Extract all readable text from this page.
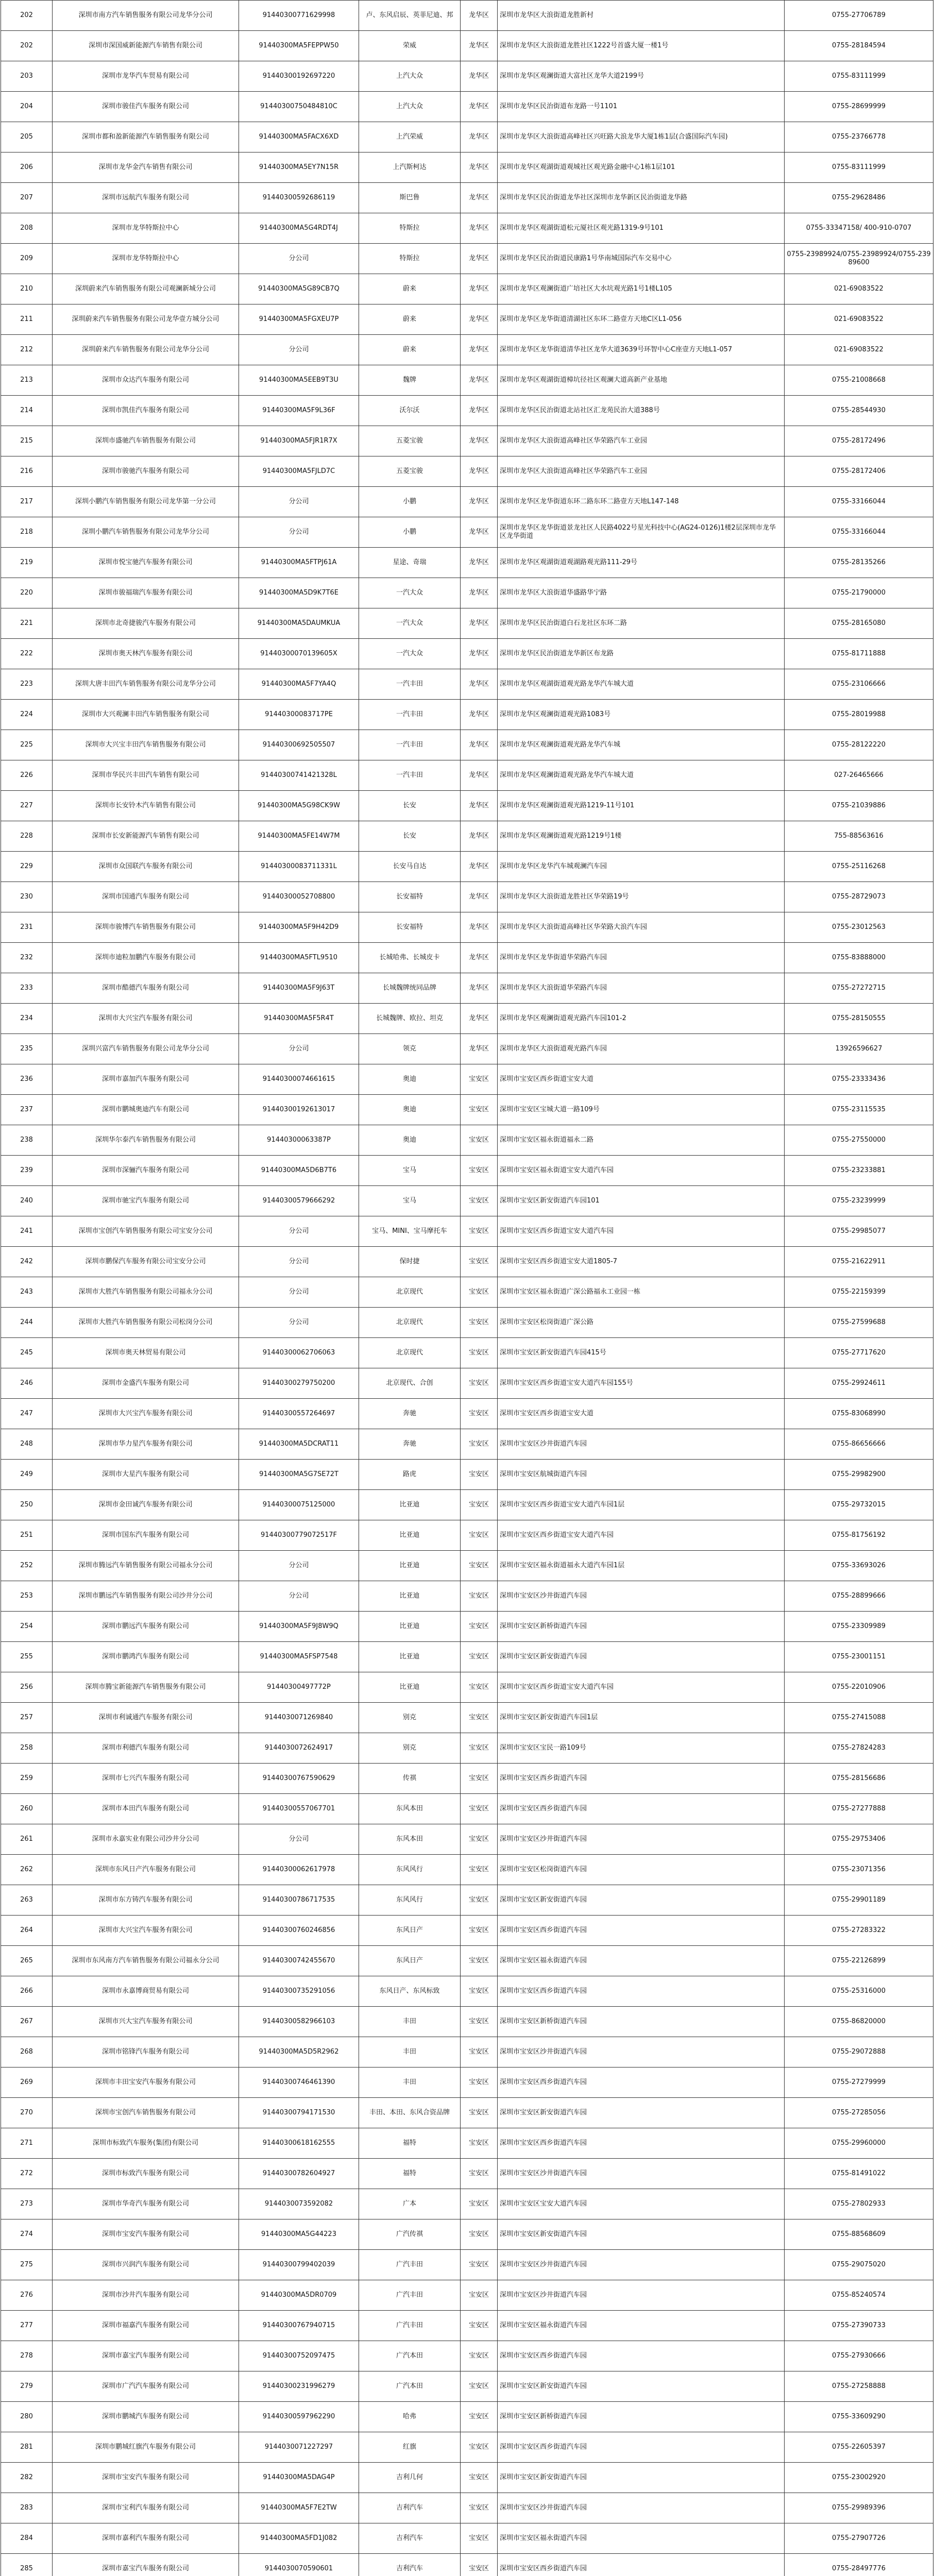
202	深圳市南方汽车销售服务有限公司龙华分公司	91440300771629998	卢、东风启辰、英菲尼迪、邦	龙华区	深圳市龙华区大浪街道龙胜新村	0755-27706789
202	深圳市深国威新能源汽车销售有限公司	91440300MA5FEPPW50	荣威	龙华区	深圳市龙华区大浪街道龙胜社区1222号首盛大厦一楼1号	0755-28184594
203	深圳市龙华汽车贸易有限公司	91440300192697220	上汽大众	龙华区	深圳市龙华区观澜街道大富社区龙华大道2199号	0755-83111999
204	深圳市骏佳汽车服务有限公司	91440300750484810C	上汽大众	龙华区	深圳市龙华区民治街道布龙路一号1101	0755-28699999
205	深圳市都和盈新能源汽车销售服务有限公司	91440300MA5FACX6XD	上汽荣威	龙华区	深圳市龙华区大浪街道高峰社区兴旺路大浪龙华大厦1栋1层(合盛国际汽车园)	0755-23766778
206	深圳市龙华金汽车销售有限公司	91440300MA5EY7N15R	上汽斯柯达	龙华区	深圳市龙华区观湖街道观城社区观光路金融中心1栋1层101	0755-83111999
207	深圳市远航汽车服务有限公司	91440300592686119	斯巴鲁	龙华区	深圳市龙华区民治街道龙华社区深圳市龙华新区民治街道龙华路	0755-29628486
208	深圳市龙华特斯拉中心	91440300MA5G4RDT4J	特斯拉	龙华区	深圳市龙华区观湖街道松元厦社区观光路1319-9号101	0755-33347158/ 400-910-0707
209	深圳市龙华特斯拉中心	分公司	特斯拉	龙华区	深圳市龙华区民治街道民康路1号华南城国际汽车交易中心	0755-23989924/0755-23989924/0755-23989600
210	深圳蔚来汽车销售服务有限公司观澜新城分公司	91440300MA5G89CB7Q	蔚来	龙华区	深圳市龙华区观澜街道广培社区大水坑观光路1号1楼L105	021-69083522
211	深圳蔚来汽车销售服务有限公司龙华壹方城分公司	91440300MA5FGXEU7P	蔚来	龙华区	深圳市龙华区龙华街道清湖社区东环二路壹方天地C区L1-056	021-69083522
212	深圳蔚来汽车销售服务有限公司龙华分公司	分公司	蔚来	龙华区	深圳市龙华区龙华街道清华社区龙华大道3639号环智中心C座壹方天地L1-057	021-69083522
213	深圳市众达汽车服务有限公司	91440300MA5EEB9T3U	魏牌	龙华区	深圳市龙华区观湖街道樟坑径社区观澜大道高新产业基地	0755-21008668
214	深圳市凯佳汽车服务有限公司	91440300MA5F9L36F	沃尔沃	龙华区	深圳市龙华区民治街道北站社区汇龙苑民治大道388号	0755-28544930
215	深圳市盛驰汽车销售服务有限公司	91440300MA5FJR1R7X	五菱宝骏	龙华区	深圳市龙华区大浪街道高峰社区华荣路汽车工业园	0755-28172496
216	深圳市骏驰汽车服务有限公司	91440300MA5FJLD7C	五菱宝骏	龙华区	深圳市龙华区大浪街道高峰社区华荣路汽车工业园	0755-28172406
217	深圳小鹏汽车销售服务有限公司龙华第一分公司	分公司	小鹏	龙华区	深圳市龙华区龙华街道东环二路东环二路壹方天地L147-148	0755-33166044
218	深圳小鹏汽车销售服务有限公司龙华分公司	分公司	小鹏	龙华区	深圳市龙华区龙华街道景龙社区人民路4022号星光科技中心(AG24-0126)1楼2层深圳市龙华区龙华街道	0755-33166044
219	深圳市悦宝驰汽车服务有限公司	91440300MA5FTPJ61A	星途、奇瑞	龙华区	深圳市龙华区观湖街道观湖路观光路111-29号	0755-28135266
220	深圳市骏福瑞汽车服务有限公司	91440300MA5D9K7T6E	一汽大众	龙华区	深圳市龙华区大浪街道华盛路华宁路	0755-21790000
221	深圳市北奇捷骏汽车服务有限公司	91440300MA5DAUMKUA	一汽大众	龙华区	深圳市龙华区民治街道白石龙社区东环二路	0755-28165080
222	深圳市奥天林汽车服务有限公司	91440300070139605X	一汽大众	龙华区	深圳市龙华区民治街道龙华新区布龙路	0755-81711888
223	深圳大唐丰田汽车销售服务有限公司龙华分公司	91440300MA5F7YA4Q	一汽丰田	龙华区	深圳市龙华区观湖街道观光路龙华汽车城大道	0755-23106666
224	深圳市大兴观澜丰田汽车销售服务有限公司	91440300083717PE	一汽丰田	龙华区	深圳市龙华区观澜街道观光路1083号	0755-28019988
225	深圳市大兴宝丰田汽车销售服务有限公司	91440300692505507	一汽丰田	龙华区	深圳市龙华区观澜街道观光路龙华汽车城	0755-28122220
226	深圳市华民兴丰田汽车销售有限公司	91440300741421328L	一汽丰田	龙华区	深圳市龙华区观澜街道观光路龙华汽车城大道	027-26465666
227	深圳市长安铃木汽车销售有限公司	91440300MA5G98CK9W	长安	龙华区	深圳市龙华区观澜街道观光路1219-11号101	0755-21039886
228	深圳市长安新能源汽车销售有限公司	91440300MA5FE14W7M	长安	龙华区	深圳市龙华区观澜街道观光路1219号1楼	755-88563616
229	深圳市众国联汽车服务有限公司	91440300083711331L	长安马自达	龙华区	深圳市龙华区龙华汽车城观澜汽车园	0755-25116268
230	深圳市国通汽车服务有限公司	91440300052708800	长安福特	龙华区	深圳市龙华区大浪街道龙胜社区华荣路19号	0755-28729073
231	深圳市骏博汽车销售服务有限公司	91440300MA5F9H42D9	长安福特	龙华区	深圳市龙华区大浪街道高峰社区华荣路大浪汽车园	0755-23012563
232	深圳市迪粒加鹏汽车服务有限公司	91440300MA5FTL9510	长城哈弗、长城皮卡	龙华区	深圳市龙华区龙华街道华荣路汽车园	0755-83888000
233	深圳市酷德汽车服务有限公司	91440300MA5F9J63T	长城魏牌统同品牌	龙华区	深圳市龙华区大浪街道华荣路汽车园	0755-27272715
234	深圳市大兴宝汽车服务有限公司	91440300MA5F5R4T	长城魏牌、欧拉、坦克	龙华区	深圳市龙华区观澜街道观光路汽车园101-2	0755-28150555
235	深圳兴富汽车销售服务有限公司龙华分公司	分公司	领克	龙华区	深圳市龙华区大浪街道观光路汽车园	13926596627
236	深圳市嘉加汽车服务有限公司	91440300074661615	奥迪	宝安区	深圳市宝安区西乡街道宝安大道	0755-23333436
237	深圳市鹏城奥迪汽车有限公司	91440300192613017	奥迪	宝安区	深圳市宝安区宝城大道一路109号	0755-23115535
238	深圳华尔泰汽车销售服务有限公司	91440300063387P	奥迪	宝安区	深圳市宝安区福永街道福永二路	0755-27550000
239	深圳市深骊汽车服务有限公司	91440300MA5D6B7T6	宝马	宝安区	深圳市宝安区福永街道宝安大道汽车园	0755-23233881
240	深圳市驰宝汽车服务有限公司	91440300579666292	宝马	宝安区	深圳市宝安区新安街道汽车园101	0755-23239999
241	深圳市宝创汽车销售服务有限公司宝安分公司	分公司	宝马、MINI、宝马摩托车	宝安区	深圳市宝安区西乡街道宝安大道汽车园	0755-29985077
242	深圳市鹏保汽车服务有限公司宝安分公司	分公司	保时捷	宝安区	深圳市宝安区西乡街道宝安大道1805-7	0755-21622911
243	深圳市大胜汽车销售服务有限公司福永分公司	分公司	北京现代	宝安区	深圳市宝安区福永街道广深公路福永工业园一栋	0755-22159399
244	深圳市大胜汽车销售服务有限公司松岗分公司	分公司	北京现代	宝安区	深圳市宝安区松岗街道广深公路	0755-27599688
245	深圳市奥天林贸易有限公司	91440300062706063	北京现代	宝安区	深圳市宝安区新安街道汽车园415号	0755-27717620
246	深圳市金盛汽车服务有限公司	91440300279750200	北京现代、合创	宝安区	深圳市宝安区西乡街道宝安大道汽车园155号	0755-29924611
247	深圳市大兴宝汽车服务有限公司	91440300557264697	奔驰	宝安区	深圳市宝安区西乡街道宝安大道	0755-83068990
248	深圳市华力星汽车服务有限公司	91440300MA5DCRAT11	奔驰	宝安区	深圳市宝安区沙井街道汽车园	0755-86656666
249	深圳市大星汽车服务有限公司	91440300MA5G7SE72T	路虎	宝安区	深圳市宝安区航城街道汽车园	0755-29982900
250	深圳市金田诚汽车服务有限公司	91440300075125000	比亚迪	宝安区	深圳市宝安区西乡街道宝安大道汽车园1层	0755-29732015
251	深圳市国东汽车服务有限公司	91440300779072517F	比亚迪	宝安区	深圳市宝安区西乡街道宝安大道汽车园	0755-81756192
252	深圳市腾远汽车销售服务有限公司福永分公司	分公司	比亚迪	宝安区	深圳市宝安区福永街道福永大道汽车园1层	0755-33693026
253	深圳市鹏远汽车销售服务有限公司沙井分公司	分公司	比亚迪	宝安区	深圳市宝安区沙井街道汽车园	0755-28899666
254	深圳市鹏远汽车服务有限公司	91440300MA5F9J8W9Q	比亚迪	宝安区	深圳市宝安区新桥街道汽车园	0755-23309989
255	深圳市鹏鸿汽车服务有限公司	91440300MA5FSP7548	比亚迪	宝安区	深圳市宝安区新安街道汽车园	0755-23001151
256	深圳市腾宝新能源汽车销售服务有限公司	91440300497772P	比亚迪	宝安区	深圳市宝安区西乡街道宝安大道汽车园	0755-22010906
257	深圳市利诚通汽车服务有限公司	9144030071269840	别克	宝安区	深圳市宝安区新安街道汽车园1层	0755-27415088
258	深圳市利德汽车服务有限公司	9144030072624917	别克	宝安区	深圳市宝安区宝民一路109号	0755-27824283
259	深圳市七兴汽车服务有限公司	91440300767590629	传祺	宝安区	深圳市宝安区西乡街道汽车园	0755-28156686
260	深圳市本田汽车服务有限公司	91440300557067701	东风本田	宝安区	深圳市宝安区西乡街道汽车园	0755-27277888
261	深圳市永嘉实业有限公司沙井分公司	分公司	东风本田	宝安区	深圳市宝安区沙井街道汽车园	0755-29753406
262	深圳市东风日产汽车服务有限公司	91440300062617978	东风风行	宝安区	深圳市宝安区松岗街道汽车园	0755-23071356
263	深圳市东方铸汽车服务有限公司	91440300786717535	东风风行	宝安区	深圳市宝安区新安街道汽车园	0755-29901189
264	深圳市大兴宝汽车服务有限公司	91440300760246856	东风日产	宝安区	深圳市宝安区西乡街道汽车园	0755-27283322
265	深圳市东风南方汽车销售服务有限公司福永分公司	91440300742455670	东风日产	宝安区	深圳市宝安区福永街道汽车园	0755-22126899
266	深圳市永嘉博商贸易有限公司	91440300735291056	东风日产、东风标致	宝安区	深圳市宝安区西乡街道汽车园	0755-25316000
267	深圳市兴大宝汽车服务有限公司	91440300582966103	丰田	宝安区	深圳市宝安区新桥街道汽车园	0755-86820000
268	深圳市铭锋汽车服务有限公司	91440300MA5D5R2962	丰田	宝安区	深圳市宝安区沙井街道汽车园	0755-29072888
269	深圳市丰田宝安汽车服务有限公司	91440300746461390	丰田	宝安区	深圳市宝安区西乡街道汽车园	0755-27279999
270	深圳市宝创汽车销售服务有限公司	91440300794171530	丰田、本田、东风合资品牌	宝安区	深圳市宝安区新安街道汽车园	0755-27285056
271	深圳市标致汽车服务(集团)有限公司	91440300618162555	福特	宝安区	深圳市宝安区西乡街道汽车园	0755-29960000
272	深圳市标致汽车服务有限公司	91440300782604927	福特	宝安区	深圳市宝安区沙井街道汽车园	0755-81491022
273	深圳市华奇汽车服务有限公司	9144030073592082	广本	宝安区	深圳市宝安区宝安大道汽车园	0755-27802933
274	深圳市宝安汽车服务有限公司	91440300MA5G44223	广汽传祺	宝安区	深圳市宝安区新安街道汽车园	0755-88568609
275	深圳市兴润汽车服务有限公司	91440300799402039	广汽丰田	宝安区	深圳市宝安区沙井街道汽车园	0755-29075020
276	深圳市沙井汽车服务有限公司	91440300MA5DR0709	广汽丰田	宝安区	深圳市宝安区沙井街道汽车园	0755-85240574
277	深圳市福嘉汽车服务有限公司	91440300767940715	广汽丰田	宝安区	深圳市宝安区福永街道汽车园	0755-27390733
278	深圳市嘉宝汽车服务有限公司	91440300752097475	广汽本田	宝安区	深圳市宝安区西乡街道汽车园	0755-27930666
279	深圳市广汽汽车服务有限公司	91440300231996279	广汽本田	宝安区	深圳市宝安区新安街道汽车园	0755-27258888
280	深圳市鹏城汽车服务有限公司	91440300597962290	哈弗	宝安区	深圳市宝安区新桥街道汽车园	0755-33609290
281	深圳市鹏城红旗汽车服务有限公司	9144030071227297	红旗	宝安区	深圳市宝安区西乡街道汽车园	0755-22605397
282	深圳市宝安汽车服务有限公司	91440300MA5DAG4P	吉利几何	宝安区	深圳市宝安区新安街道汽车园	0755-23002920
283	深圳市宝利汽车服务有限公司	91440300MA5F7E2TW	吉利汽车	宝安区	深圳市宝安区沙井街道汽车园	0755-29989396
284	深圳市嘉利汽车服务有限公司	91440300MA5FD1J082	吉利汽车	宝安区	深圳市宝安区福永街道汽车园	0755-27907726
285	深圳市嘉宝汽车服务有限公司	9144030070590601	吉利汽车	宝安区	深圳市宝安区西乡街道汽车园	0755-28497776
